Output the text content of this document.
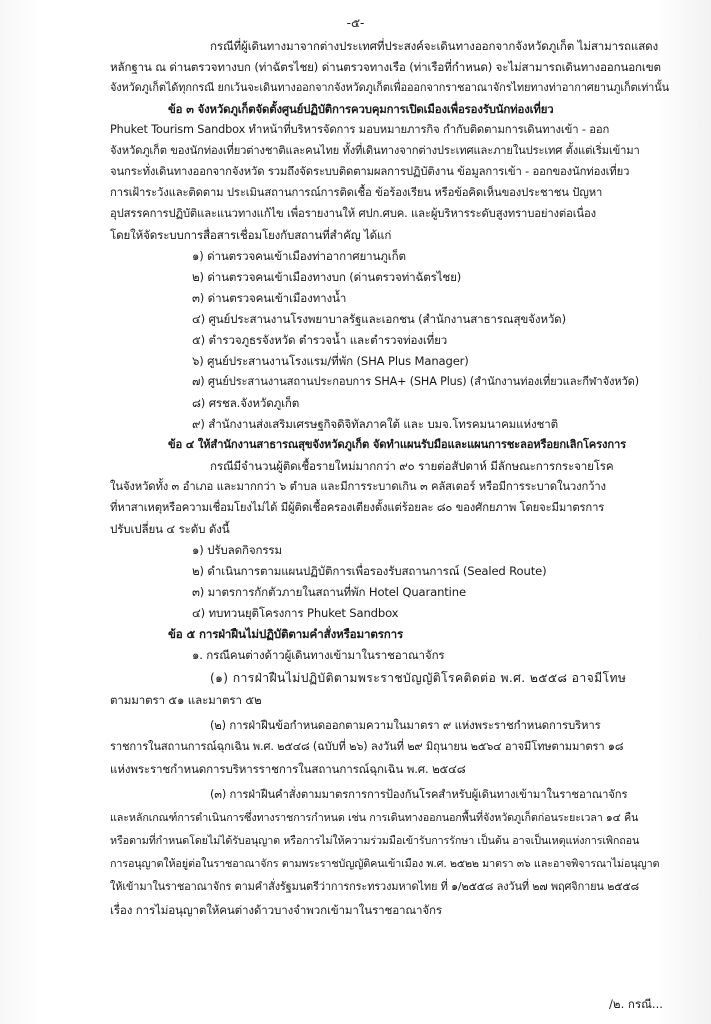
-๕-
กรณีที่ผู้เดินทางมาจากต่างประเทศที่ประสงค์จะเดินทางออกจากจังหวัดภูเก็ต ไม่สามารถแสดง
หลักฐาน ณ ด่านตรวจทางบก (ท่าฉัตรไชย) ด่านตรวจทางเรือ (ท่าเรือที่กำหนด) จะไม่สามารถเดินทางออกนอกเขต
จังหวัดภูเก็ตได้ทุกกรณี ยกเว้นจะเดินทางออกจากจังหวัดภูเก็ตเพื่อออกจากราชอาณาจักรไทยทางท่าอากาศยานภูเก็ตเท่านั้น
ข้อ ๓ จังหวัดภูเก็ตจัดตั้งศูนย์ปฏิบัติการควบคุมการเปิดเมืองเพื่อรองรับนักท่องเที่ยว
Phuket Tourism Sandbox ทำหน้าที่บริหารจัดการ มอบหมายภารกิจ กำกับติดตามการเดินทางเข้า - ออก
จังหวัดภูเก็ต ของนักท่องเที่ยวต่างชาติและคนไทย ทั้งที่เดินทางจากต่างประเทศและภายในประเทศ ตั้งแต่เริ่มเข้ามา
จนกระทั่งเดินทางออกจากจังหวัด รวมถึงจัดระบบติดตามผลการปฏิบัติงาน ข้อมูลการเข้า - ออกของนักท่องเที่ยว
การเฝ้าระวังและติดตาม ประเมินสถานการณ์การติดเชื้อ ข้อร้องเรียน หรือข้อคิดเห็นของประชาชน ปัญหา
อุปสรรคการปฏิบัติและแนวทางแก้ไข เพื่อรายงานให้ ศปก.ศบค. และผู้บริหารระดับสูงทราบอย่างต่อเนื่อง
โดยให้จัดระบบการสื่อสารเชื่อมโยงกับสถานที่สำคัญ ได้แก่
๑) ด่านตรวจคนเข้าเมืองท่าอากาศยานภูเก็ต
๒) ด่านตรวจคนเข้าเมืองทางบก (ด่านตรวจท่าฉัตรไชย)
๓) ด่านตรวจคนเข้าเมืองทางน้ำ
๔) ศูนย์ประสานงานโรงพยาบาลรัฐและเอกชน (สำนักงานสาธารณสุขจังหวัด)
๕) ตำรวจภูธรจังหวัด ตำรวจน้ำ และตำรวจท่องเที่ยว
๖) ศูนย์ประสานงานโรงแรม/ที่พัก (SHA Plus Manager)
๗) ศูนย์ประสานงานสถานประกอบการ SHA+ (SHA Plus) (สำนักงานท่องเที่ยวและกีฬาจังหวัด)
๘) ศรชล.จังหวัดภูเก็ต
๙) สำนักงานส่งเสริมเศรษฐกิจดิจิทัลภาคใต้ และ บมจ.โทรคมนาคมแห่งชาติ
ข้อ ๔ ให้สำนักงานสาธารณสุขจังหวัดภูเก็ต จัดทำแผนรับมือและแผนการชะลอหรือยกเลิกโครงการ
กรณีมีจำนวนผู้ติดเชื้อรายใหม่มากกว่า ๙๐ รายต่อสัปดาห์ มีลักษณะการกระจายโรค
ในจังหวัดทั้ง ๓ อำเภอ และมากกว่า ๖ ตำบล และมีการระบาดเกิน ๓ คลัสเตอร์ หรือมีการระบาดในวงกว้าง
ที่หาสาเหตุหรือความเชื่อมโยงไม่ได้ มีผู้ติดเชื้อครองเตียงตั้งแต่ร้อยละ ๘๐ ของศักยภาพ โดยจะมีมาตรการ
ปรับเปลี่ยน ๔ ระดับ ดังนี้
๑) ปรับลดกิจกรรม
๒) ดำเนินการตามแผนปฏิบัติการเพื่อรองรับสถานการณ์ (Sealed Route)
๓) มาตรการกักตัวภายในสถานที่พัก Hotel Quarantine
๔) ทบทวนยุติโครงการ Phuket Sandbox
ข้อ ๕ การฝ่าฝืนไม่ปฏิบัติตามคำสั่งหรือมาตรการ
๑. กรณีคนต่างด้าวผู้เดินทางเข้ามาในราชอาณาจักร
(๑) การฝ่าฝืนไม่ปฏิบัติตามพระราชบัญญัติโรคติดต่อ พ.ศ. ๒๕๕๘ อาจมีโทษ
ตามมาตรา ๕๑ และมาตรา ๕๒
(๒) การฝ่าฝืนข้อกำหนดออกตามความในมาตรา ๙ แห่งพระราชกำหนดการบริหาร
ราชการในสถานการณ์ฉุกเฉิน พ.ศ. ๒๕๔๘ (ฉบับที่ ๒๖) ลงวันที่ ๒๙ มิถุนายน ๒๕๖๔ อาจมีโทษตามมาตรา ๑๘
แห่งพระราชกำหนดการบริหารราชการในสถานการณ์ฉุกเฉิน พ.ศ. ๒๕๔๘
(๓) การฝ่าฝืนคำสั่งตามมาตรการการป้องกันโรคสำหรับผู้เดินทางเข้ามาในราชอาณาจักร
และหลักเกณฑ์การดำเนินการซึ่งทางราชการกำหนด เช่น การเดินทางออกนอกพื้นที่จังหวัดภูเก็ตก่อนระยะเวลา ๑๔ คืน
หรือตามที่กำหนดโดยไม่ได้รับอนุญาต หรือการไม่ให้ความร่วมมือเข้ารับการรักษา เป็นต้น อาจเป็นเหตุแห่งการเพิกถอน
การอนุญาตให้อยู่ต่อในราชอาณาจักร ตามพระราชบัญญัติคนเข้าเมือง พ.ศ. ๒๕๒๒ มาตรา ๓๖ และอาจพิจารณาไม่อนุญาต
ให้เข้ามาในราชอาณาจักร ตามคำสั่งรัฐมนตรีว่าการกระทรวงมหาดไทย ที่ ๑/๒๕๕๘ ลงวันที่ ๒๗ พฤศจิกายน ๒๕๕๘
เรื่อง การไม่อนุญาตให้คนต่างด้าวบางจำพวกเข้ามาในราชอาณาจักร
/๒. กรณี...
